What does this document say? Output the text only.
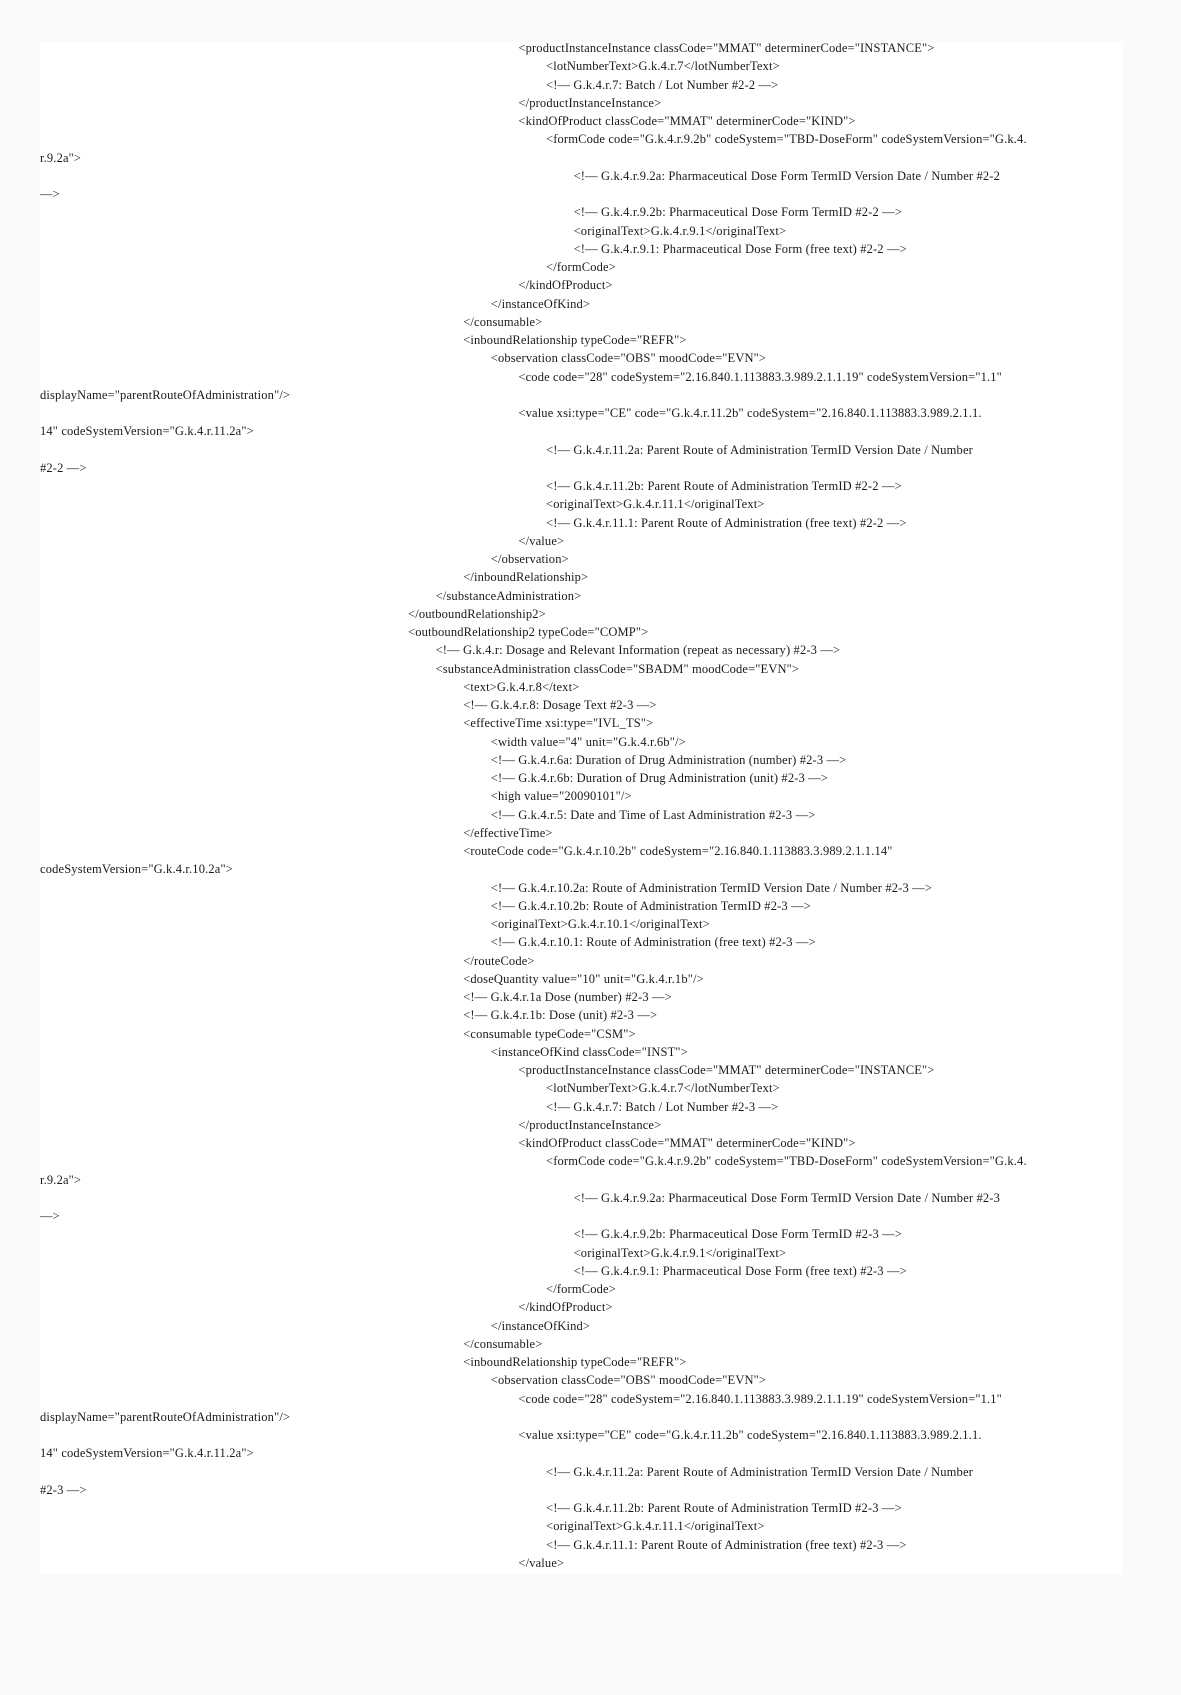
<productInstanceInstance classCode="MMAT" determinerCode="INSTANCE">
<lotNumberText>G.k.4.r.7</lotNumberText>
<!— G.k.4.r.7: Batch / Lot Number #2-2 —>
</productInstanceInstance>
<kindOfProduct classCode="MMAT" determinerCode="KIND">
<formCode code="G.k.4.r.9.2b" codeSystem="TBD-DoseForm" codeSystemVersion="G.k.4.
r.9.2a">
<!— G.k.4.r.9.2a: Pharmaceutical Dose Form TermID Version Date / Number #2-2
—>
<!— G.k.4.r.9.2b: Pharmaceutical Dose Form TermID #2-2 —>
<originalText>G.k.4.r.9.1</originalText>
<!— G.k.4.r.9.1: Pharmaceutical Dose Form (free text) #2-2 —>
</formCode>
</kindOfProduct>
</instanceOfKind>
</consumable>
<inboundRelationship typeCode="REFR">
<observation classCode="OBS" moodCode="EVN">
<code code="28" codeSystem="2.16.840.1.113883.3.989.2.1.1.19" codeSystemVersion="1.1"
displayName="parentRouteOfAdministration"/>
<value xsi:type="CE" code="G.k.4.r.11.2b" codeSystem="2.16.840.1.113883.3.989.2.1.1.
14" codeSystemVersion="G.k.4.r.11.2a">
<!— G.k.4.r.11.2a: Parent Route of Administration TermID Version Date / Number
#2-2 —>
<!— G.k.4.r.11.2b: Parent Route of Administration TermID #2-2 —>
<originalText>G.k.4.r.11.1</originalText>
<!— G.k.4.r.11.1: Parent Route of Administration (free text) #2-2 —>
</value>
</observation>
</inboundRelationship>
</substanceAdministration>
</outboundRelationship2>
<outboundRelationship2 typeCode="COMP">
<!— G.k.4.r: Dosage and Relevant Information (repeat as necessary) #2-3 —>
<substanceAdministration classCode="SBADM" moodCode="EVN">
<text>G.k.4.r.8</text>
<!— G.k.4.r.8: Dosage Text #2-3 —>
<effectiveTime xsi:type="IVL_TS">
<width value="4" unit="G.k.4.r.6b"/>
<!— G.k.4.r.6a: Duration of Drug Administration (number) #2-3 —>
<!— G.k.4.r.6b: Duration of Drug Administration (unit) #2-3 —>
<high value="20090101"/>
<!— G.k.4.r.5: Date and Time of Last Administration #2-3 —>
</effectiveTime>
<routeCode code="G.k.4.r.10.2b" codeSystem="2.16.840.1.113883.3.989.2.1.1.14"
codeSystemVersion="G.k.4.r.10.2a">
<!— G.k.4.r.10.2a: Route of Administration TermID Version Date / Number #2-3 —>
<!— G.k.4.r.10.2b: Route of Administration TermID #2-3 —>
<originalText>G.k.4.r.10.1</originalText>
<!— G.k.4.r.10.1: Route of Administration (free text) #2-3 —>
</routeCode>
<doseQuantity value="10" unit="G.k.4.r.1b"/>
<!— G.k.4.r.1a Dose (number) #2-3 —>
<!— G.k.4.r.1b: Dose (unit) #2-3 —>
<consumable typeCode="CSM">
<instanceOfKind classCode="INST">
<productInstanceInstance classCode="MMAT" determinerCode="INSTANCE">
<lotNumberText>G.k.4.r.7</lotNumberText>
<!— G.k.4.r.7: Batch / Lot Number #2-3 —>
</productInstanceInstance>
<kindOfProduct classCode="MMAT" determinerCode="KIND">
<formCode code="G.k.4.r.9.2b" codeSystem="TBD-DoseForm" codeSystemVersion="G.k.4.
r.9.2a">
<!— G.k.4.r.9.2a: Pharmaceutical Dose Form TermID Version Date / Number #2-3
—>
<!— G.k.4.r.9.2b: Pharmaceutical Dose Form TermID #2-3 —>
<originalText>G.k.4.r.9.1</originalText>
<!— G.k.4.r.9.1: Pharmaceutical Dose Form (free text) #2-3 —>
</formCode>
</kindOfProduct>
</instanceOfKind>
</consumable>
<inboundRelationship typeCode="REFR">
<observation classCode="OBS" moodCode="EVN">
<code code="28" codeSystem="2.16.840.1.113883.3.989.2.1.1.19" codeSystemVersion="1.1"
displayName="parentRouteOfAdministration"/>
<value xsi:type="CE" code="G.k.4.r.11.2b" codeSystem="2.16.840.1.113883.3.989.2.1.1.
14" codeSystemVersion="G.k.4.r.11.2a">
<!— G.k.4.r.11.2a: Parent Route of Administration TermID Version Date / Number
#2-3 —>
<!— G.k.4.r.11.2b: Parent Route of Administration TermID #2-3 —>
<originalText>G.k.4.r.11.1</originalText>
<!— G.k.4.r.11.1: Parent Route of Administration (free text) #2-3 —>
</value>
